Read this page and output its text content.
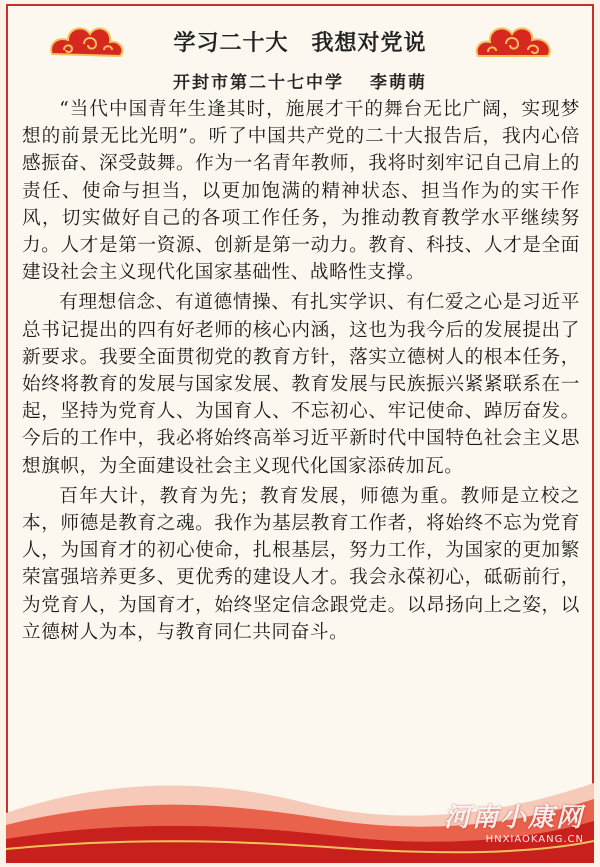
学习二十大　我想对党说
开封市第二十七中学 李萌萌

“当代中国青年生逢其时，施展才干的舞台无比广阔，实现梦想的前景无比光明”。听了中国共产党的二十大报告后，我内心倍感振奋、深受鼓舞。作为一名青年教师，我将时刻牢记自己肩上的责任、使命与担当，以更加饱满的精神状态、担当作为的实干作风，切实做好自己的各项工作任务，为推动教育教学水平继续努力。人才是第一资源、创新是第一动力。教育、科技、人才是全面建设社会主义现代化国家基础性、战略性支撑。

有理想信念、有道德情操、有扎实学识、有仁爱之心是习近平总书记提出的四有好老师的核心内涵，这也为我今后的发展提出了新要求。我要全面贯彻党的教育方针，落实立德树人的根本任务，始终将教育的发展与国家发展、教育发展与民族振兴紧紧联系在一起，坚持为党育人、为国育人、不忘初心、牢记使命、踔厉奋发。今后的工作中，我必将始终高举习近平新时代中国特色社会主义思想旗帜，为全面建设社会主义现代化国家添砖加瓦。

百年大计，教育为先；教育发展，师德为重。教师是立校之本，师德是教育之魂。我作为基层教育工作者，将始终不忘为党育人，为国育才的初心使命，扎根基层，努力工作，为国家的更加繁荣富强培养更多、更优秀的建设人才。我会永葆初心，砥砺前行，为党育人，为国育才，始终坚定信念跟党走。以昂扬向上之姿，以立德树人为本，与教育同仁共同奋斗。

河南小康网
HNXIAOKANG.CN
